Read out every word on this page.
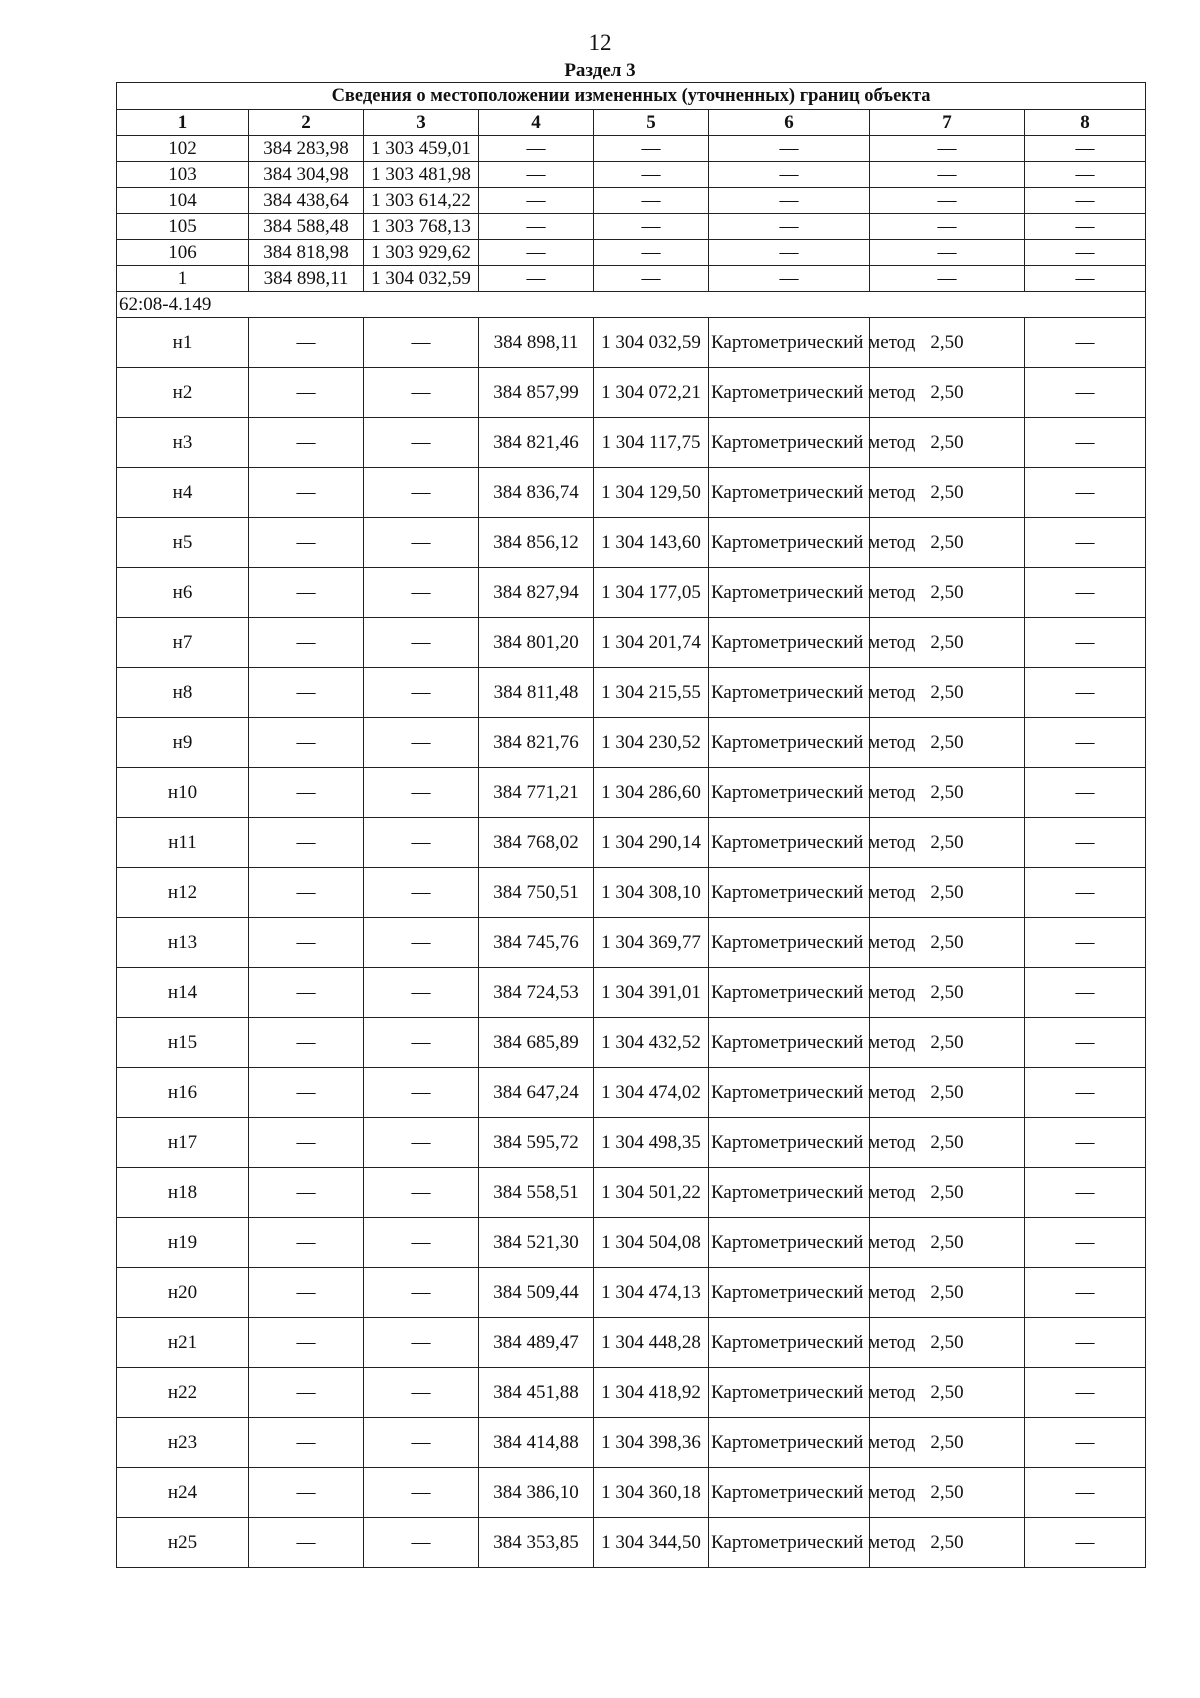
12
Раздел 3
Сведения о местоположении измененных (уточненных) границ объекта							
1	2	3	4	5	6	7	8
102	384 283,98	1 303 459,01	—	—	—	—	—
103	384 304,98	1 303 481,98	—	—	—	—	—
104	384 438,64	1 303 614,22	—	—	—	—	—
105	384 588,48	1 303 768,13	—	—	—	—	—
106	384 818,98	1 303 929,62	—	—	—	—	—
1	384 898,11	1 304 032,59	—	—	—	—	—
62:08-4.149							
н1	—	—	384 898,11	1 304 032,59	Картометрический метод	2,50	—
н2	—	—	384 857,99	1 304 072,21	Картометрический метод	2,50	—
н3	—	—	384 821,46	1 304 117,75	Картометрический метод	2,50	—
н4	—	—	384 836,74	1 304 129,50	Картометрический метод	2,50	—
н5	—	—	384 856,12	1 304 143,60	Картометрический метод	2,50	—
н6	—	—	384 827,94	1 304 177,05	Картометрический метод	2,50	—
н7	—	—	384 801,20	1 304 201,74	Картометрический метод	2,50	—
н8	—	—	384 811,48	1 304 215,55	Картометрический метод	2,50	—
н9	—	—	384 821,76	1 304 230,52	Картометрический метод	2,50	—
н10	—	—	384 771,21	1 304 286,60	Картометрический метод	2,50	—
н11	—	—	384 768,02	1 304 290,14	Картометрический метод	2,50	—
н12	—	—	384 750,51	1 304 308,10	Картометрический метод	2,50	—
н13	—	—	384 745,76	1 304 369,77	Картометрический метод	2,50	—
н14	—	—	384 724,53	1 304 391,01	Картометрический метод	2,50	—
н15	—	—	384 685,89	1 304 432,52	Картометрический метод	2,50	—
н16	—	—	384 647,24	1 304 474,02	Картометрический метод	2,50	—
н17	—	—	384 595,72	1 304 498,35	Картометрический метод	2,50	—
н18	—	—	384 558,51	1 304 501,22	Картометрический метод	2,50	—
н19	—	—	384 521,30	1 304 504,08	Картометрический метод	2,50	—
н20	—	—	384 509,44	1 304 474,13	Картометрический метод	2,50	—
н21	—	—	384 489,47	1 304 448,28	Картометрический метод	2,50	—
н22	—	—	384 451,88	1 304 418,92	Картометрический метод	2,50	—
н23	—	—	384 414,88	1 304 398,36	Картометрический метод	2,50	—
н24	—	—	384 386,10	1 304 360,18	Картометрический метод	2,50	—
н25	—	—	384 353,85	1 304 344,50	Картометрический метод	2,50	—
